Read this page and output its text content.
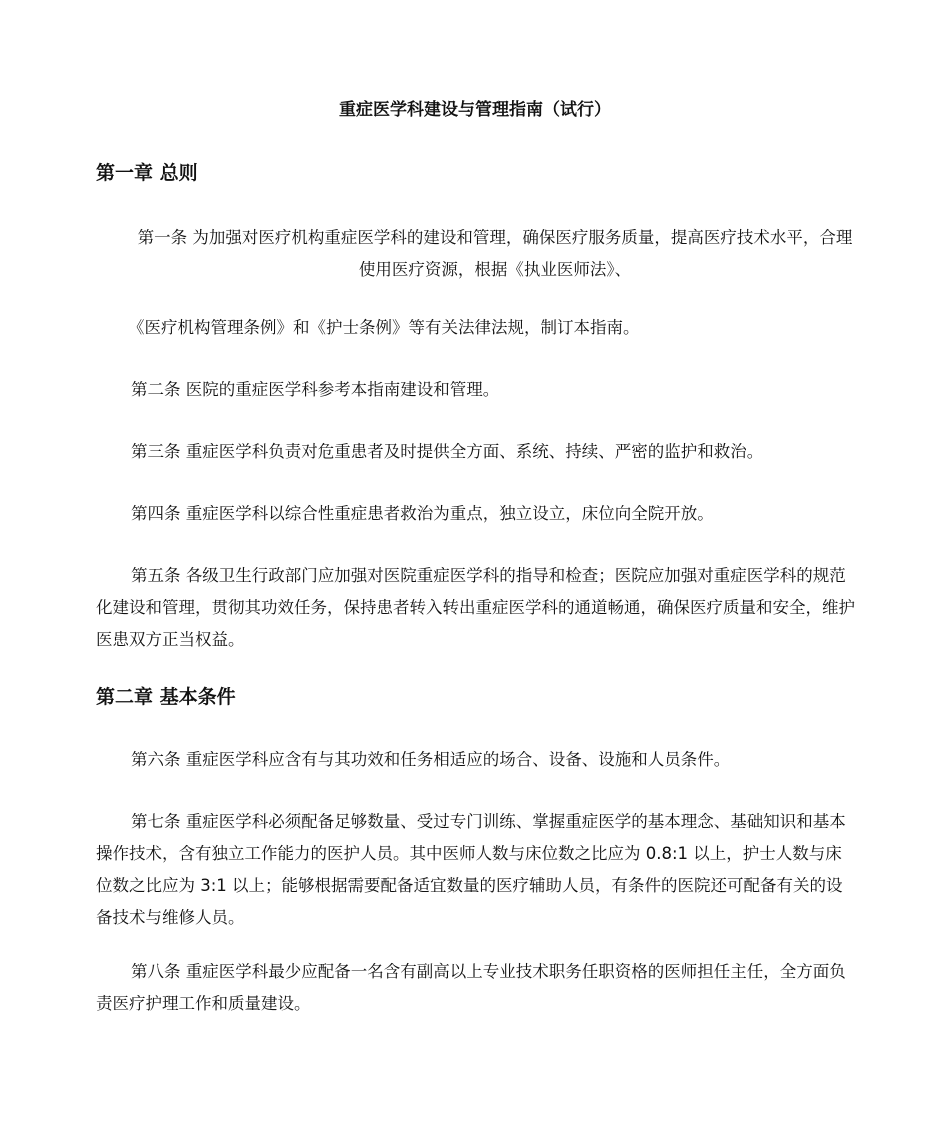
重症医学科建设与管理指南（试行）
第一章 总则

第一条 为加强对医疗机构重症医学科的建设和管理，确保医疗服务质量，提高医疗技术水平，合理使用医疗资源，根据《执业医师法》、

《医疗机构管理条例》和《护士条例》等有关法律法规，制订本指南。

第二条 医院的重症医学科参考本指南建设和管理。

第三条 重症医学科负责对危重患者及时提供全方面、系统、持续、严密的监护和救治。

第四条 重症医学科以综合性重症患者救治为重点，独立设立，床位向全院开放。

第五条 各级卫生行政部门应加强对医院重症医学科的指导和检查；医院应加强对重症医学科的规范化建设和管理，贯彻其功效任务，保持患者转入转出重症医学科的通道畅通，确保医疗质量和安全，维护医患双方正当权益。

第二章 基本条件

第六条 重症医学科应含有与其功效和任务相适应的场合、设备、设施和人员条件。

第七条 重症医学科必须配备足够数量、受过专门训练、掌握重症医学的基本理念、基础知识和基本操作技术，含有独立工作能力的医护人员。其中医师人数与床位数之比应为 0.8:1 以上，护士人数与床位数之比应为 3:1 以上；能够根据需要配备适宜数量的医疗辅助人员，有条件的医院还可配备有关的设备技术与维修人员。

第八条 重症医学科最少应配备一名含有副高以上专业技术职务任职资格的医师担任主任，全方面负责医疗护理工作和质量建设。
